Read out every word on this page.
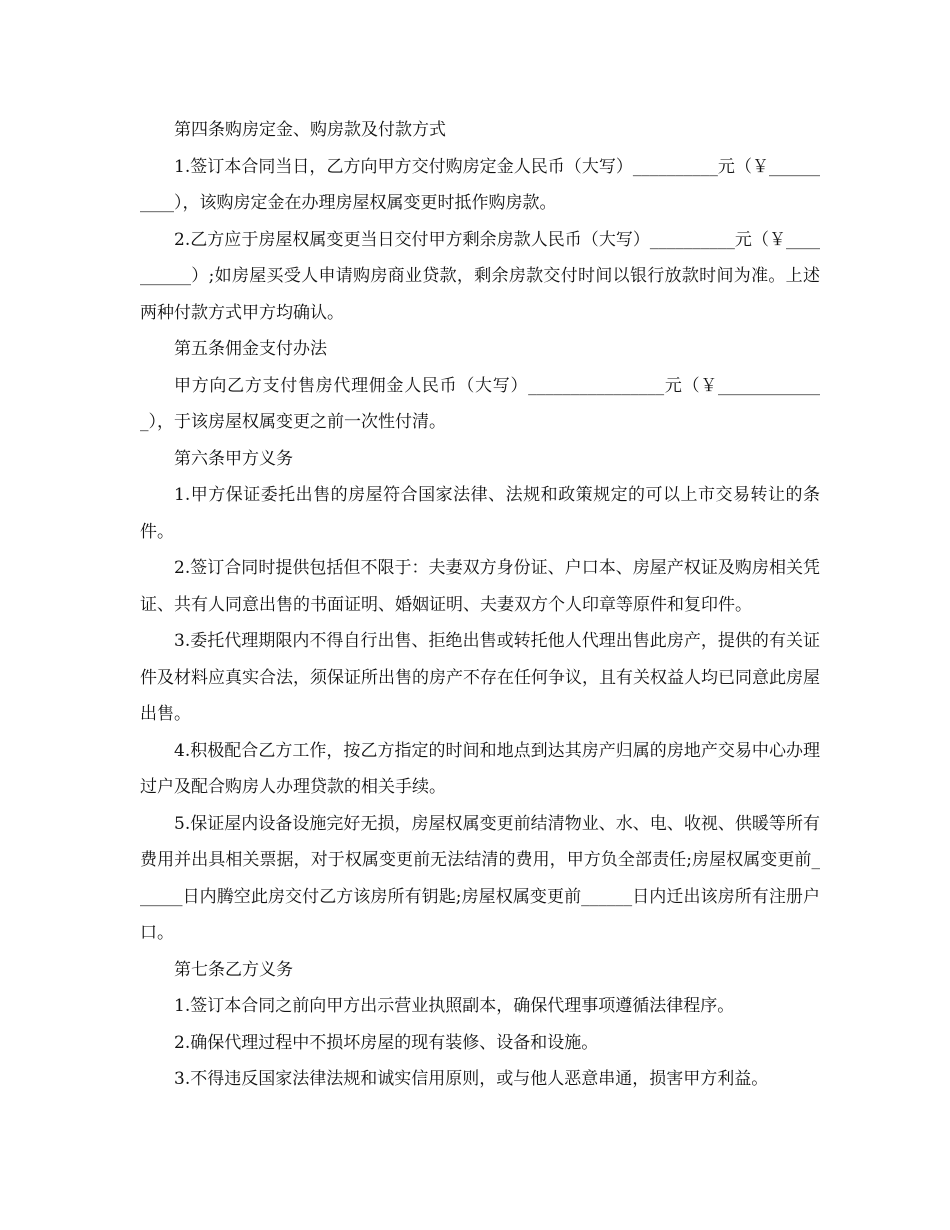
第四条购房定金、购房款及付款方式

1.签订本合同当日，乙方向甲方交付购房定金人民币（大写）__________元（￥__________），该购房定金在办理房屋权属变更时抵作购房款。

2.乙方应于房屋权属变更当日交付甲方剩余房款人民币（大写）__________元（￥__________）;如房屋买受人申请购房商业贷款，剩余房款交付时间以银行放款时间为准。上述两种付款方式甲方均确认。

第五条佣金支付办法

甲方向乙方支付售房代理佣金人民币（大写）________________元（￥_____________），于该房屋权属变更之前一次性付清。

第六条甲方义务

1.甲方保证委托出售的房屋符合国家法律、法规和政策规定的可以上市交易转让的条件。

2.签订合同时提供包括但不限于：夫妻双方身份证、户口本、房屋产权证及购房相关凭证、共有人同意出售的书面证明、婚姻证明、夫妻双方个人印章等原件和复印件。

3.委托代理期限内不得自行出售、拒绝出售或转托他人代理出售此房产，提供的有关证件及材料应真实合法，须保证所出售的房产不存在任何争议，且有关权益人均已同意此房屋出售。

4.积极配合乙方工作，按乙方指定的时间和地点到达其房产归属的房地产交易中心办理过户及配合购房人办理贷款的相关手续。

5.保证屋内设备设施完好无损，房屋权属变更前结清物业、水、电、收视、供暖等所有费用并出具相关票据，对于权属变更前无法结清的费用，甲方负全部责任;房屋权属变更前______日内腾空此房交付乙方该房所有钥匙;房屋权属变更前______日内迁出该房所有注册户口。

第七条乙方义务

1.签订本合同之前向甲方出示营业执照副本，确保代理事项遵循法律程序。

2.确保代理过程中不损坏房屋的现有装修、设备和设施。

3.不得违反国家法律法规和诚实信用原则，或与他人恶意串通，损害甲方利益。
